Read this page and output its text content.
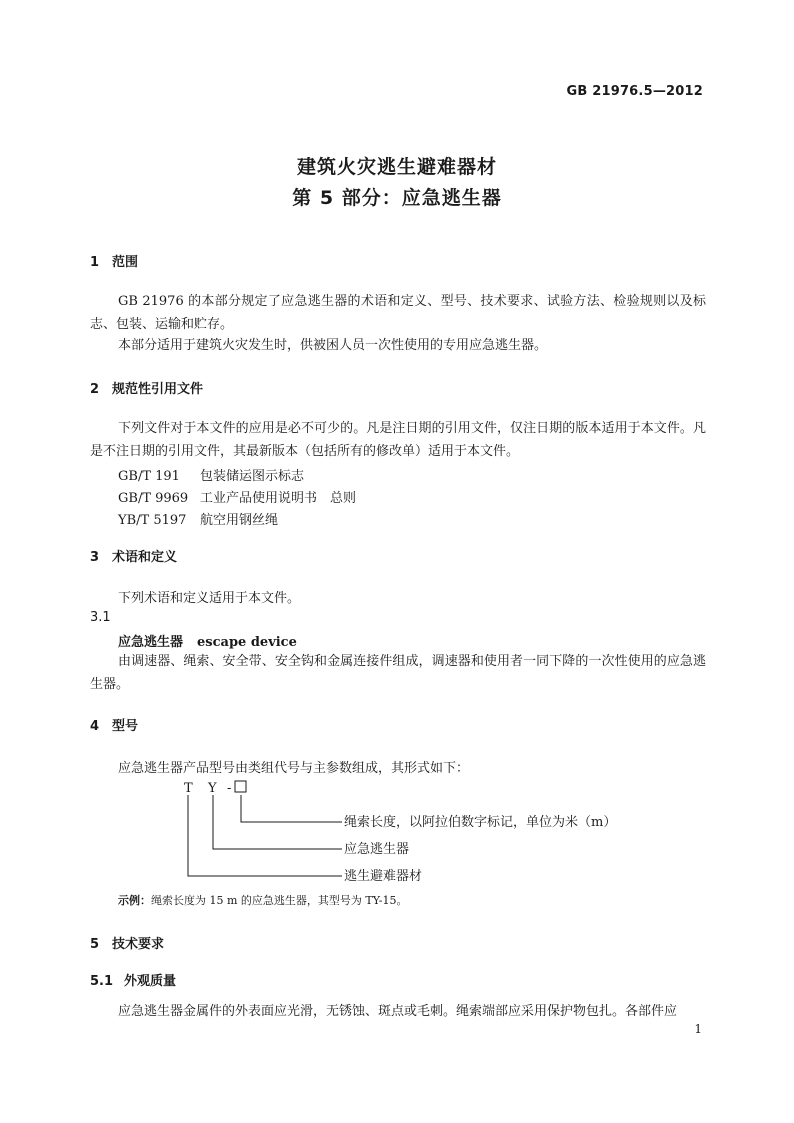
GB 21976.5—2012
建筑火灾逃生避难器材
第 5 部分：应急逃生器
1 范围
GB 21976 的本部分规定了应急逃生器的术语和定义、型号、技术要求、试验方法、检验规则以及标志、包装、运输和贮存。
本部分适用于建筑火灾发生时，供被困人员一次性使用的专用应急逃生器。
2 规范性引用文件
下列文件对于本文件的应用是必不可少的。凡是注日期的引用文件，仅注日期的版本适用于本文件。凡是不注日期的引用文件，其最新版本（包括所有的修改单）适用于本文件。
GB/T 191 包装储运图示标志
GB/T 9969 工业产品使用说明书　总则
YB/T 5197 航空用钢丝绳
3 术语和定义
下列术语和定义适用于本文件。
3.1
应急逃生器 escape device
由调速器、绳索、安全带、安全钩和金属连接件组成，调速器和使用者一同下降的一次性使用的应急逃生器。
4 型号
应急逃生器产品型号由类组代号与主参数组成，其形式如下：
T Y -
绳索长度，以阿拉伯数字标记，单位为米（m）
应急逃生器
逃生避难器材
示例：绳索长度为 15 m 的应急逃生器，其型号为 TY-15。
5 技术要求
5.1 外观质量
应急逃生器金属件的外表面应光滑，无锈蚀、斑点或毛刺。绳索端部应采用保护物包扎。各部件应
1
